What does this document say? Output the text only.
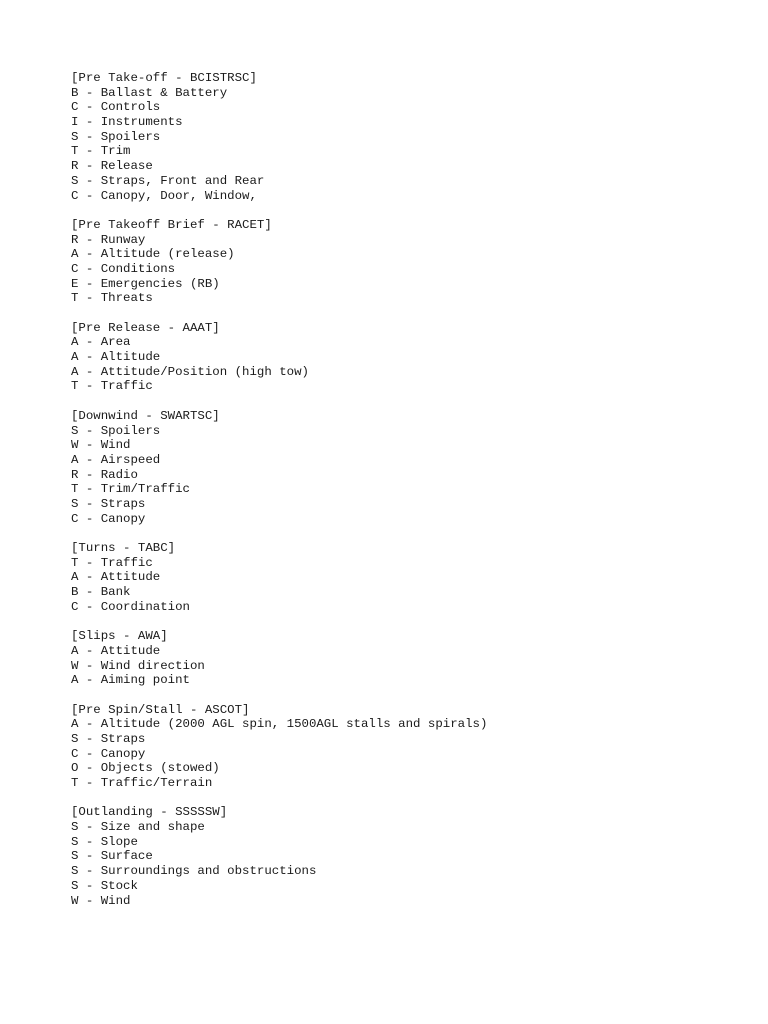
[Pre Take-off - BCISTRSC]
B - Ballast & Battery
C - Controls
I - Instruments
S - Spoilers
T - Trim
R - Release
S - Straps, Front and Rear
C - Canopy, Door, Window,
[Pre Takeoff Brief - RACET]
R - Runway
A - Altitude (release)
C - Conditions
E - Emergencies (RB)
T - Threats
[Pre Release - AAAT]
A - Area
A - Altitude
A - Attitude/Position (high tow)
T - Traffic
[Downwind - SWARTSC]
S - Spoilers
W - Wind
A - Airspeed
R - Radio
T - Trim/Traffic
S - Straps
C - Canopy
[Turns - TABC]
T - Traffic
A - Attitude
B - Bank
C - Coordination
[Slips - AWA]
A - Attitude
W - Wind direction
A - Aiming point
[Pre Spin/Stall - ASCOT]
A - Altitude (2000 AGL spin, 1500AGL stalls and spirals)
S - Straps
C - Canopy
O - Objects (stowed)
T - Traffic/Terrain
[Outlanding - SSSSSW]
S - Size and shape
S - Slope
S - Surface
S - Surroundings and obstructions
S - Stock
W - Wind
